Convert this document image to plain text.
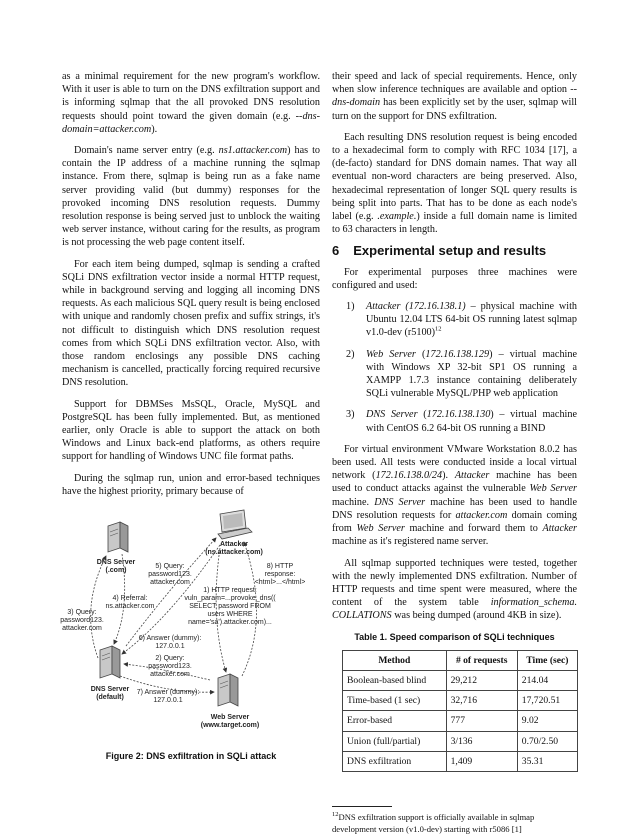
as a minimal requirement for the new program's workflow. With it user is able to turn on the DNS exfiltration support and is informing sqlmap that the all provoked DNS resolution requests should point toward the given domain (e.g. --dns-domain=attacker.com).

Domain's name server entry (e.g. ns1.attacker.com) has to contain the IP address of a machine running the sqlmap instance. From there, sqlmap is being run as a fake name server providing valid (but dummy) responses for the provoked incoming DNS resolution requests. Dummy resolution response is being served just to unblock the waiting web server instance, without caring for the results, as program is not processing the web page content itself.

For each item being dumped, sqlmap is sending a crafted SQLi DNS exfiltration vector inside a normal HTTP request, while in background serving and logging all incoming DNS requests. As each malicious SQL query result is being enclosed with unique and randomly chosen prefix and suffix strings, it's not difficult to distinguish which DNS resolution request comes from which SQLi DNS exfiltration vector. Also, with those random enclosings any possible DNS caching mechanism is cancelled, practically forcing required recursive DNS resolution.

Support for DBMSes MsSQL, Oracle, MySQL and PostgreSQL has been fully implemented. But, as mentioned earlier, only Oracle is able to support the attack on both Windows and Linux back-end platforms, as others require support for handling of Windows UNC file format paths.

During the sqlmap run, union and error-based techniques have the highest priority, primary because of

Attacker
(ns.attacker.com)
DNS Server
(.com)
DNS Server
(default)
Web Server
(www.target.com)
5) Query:
password123.
attacker.com
8) HTTP
response:
<html>...</html>
1) HTTP request:
vuln_param=...provoke_dns((
SELECT password FROM
users WHERE
name='sa').attacker.com)...
4) Referral:
ns.attacker.com
3) Query:
password123.
attacker.com
6) Answer (dummy):
127.0.0.1
2) Query:
password123.
attacker.com
7) Answer (dummy):
127.0.0.1
Figure 2: DNS exfiltration in SQLi attack

their speed and lack of special requirements. Hence, only when slow inference techniques are available and option --dns-domain has been explicitly set by the user, sqlmap will turn on the support for DNS exfiltration.

Each resulting DNS resolution request is being encoded to a hexadecimal form to comply with RFC 1034 [17], a (de-facto) standard for DNS domain names. That way all eventual non-word characters are being preserved. Also, hexadecimal representation of longer SQL query results is being split into parts. That has to be done as each node's label (e.g. .example.) inside a full domain name is limited to 63 characters in length.

6 Experimental setup and results

For experimental purposes three machines were configured and used:

1) Attacker (172.16.138.1) – physical machine with Ubuntu 12.04 LTS 64-bit OS running latest sqlmap v1.0-dev $(r5100)^{12}$
2) Web Server (172.16.138.129) – virtual machine with Windows XP 32-bit SP1 OS running a XAMPP 1.7.3 instance containing deliberately SQLi vulnerable MySQL/PHP web application
3) DNS Server (172.16.138.130) – virtual machine with CentOS 6.2 64-bit OS running a BIND

For virtual environment VMware Workstation 8.0.2 has been used. All tests were conducted inside a local virtual network (172.16.138.0/24). Attacker machine has been used to conduct attacks against the vulnerable Web Server machine. DNS Server machine has been used to handle DNS resolution requests for attacker.com domain coming from Web Server machine and forward them to Attacker machine as it's registered name server.

All sqlmap supported techniques were tested, together with the newly implemented DNS exfiltration. Number of HTTP requests and time spent were measured, where the content of the system table information_schema. COLLATIONS was being dumped (around 4KB in size).

Table 1. Speed comparison of SQLi techniques
Method	# of requests	Time (sec)
Boolean-based blind	29,212	214.04
Time-based (1 sec)	32,716	17,720.51
Error-based	777	9.02
Union (full/partial)	3/136	0.70/2.50
DNS exfiltration	1,409	35.31
$^{12}$DNS exfiltration support is officially available in sqlmap development version (v1.0-dev) starting with r5086 [1]
